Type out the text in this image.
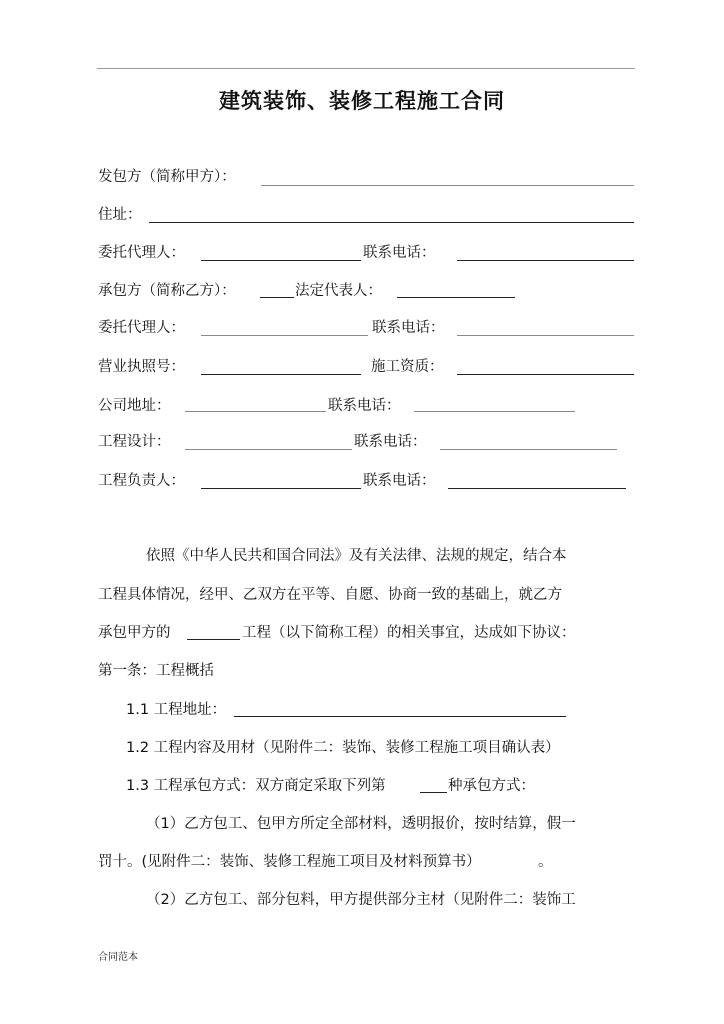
建筑装饰、装修工程施工合同
发包方（简称甲方）：
住址：
委托代理人：	联系电话：
承包方（简称乙方）：	法定代表人：
委托代理人：	联系电话：
营业执照号：	施工资质：
公司地址：	联系电话：
工程设计：	联系电话：
工程负责人：	联系电话：
依照《中华人民共和国合同法》及有关法律、法规的规定，结合本
工程具体情况，经甲、乙双方在平等、自愿、协商一致的基础上，就乙方
承包甲方的	工程（以下简称工程）的相关事宜，达成如下协议：
第一条：工程概括
1.1 工程地址：
1.2 工程内容及用材（见附件二：装饰、装修工程施工项目确认表）
1.3 工程承包方式：双方商定采取下列第	种承包方式：
（1）乙方包工、包甲方所定全部材料，透明报价，按时结算，假一
罚十。(见附件二：装饰、装修工程施工项目及材料预算书）	。
（2）乙方包工、部分包料，甲方提供部分主材（见附件二：装饰工
合同范本
